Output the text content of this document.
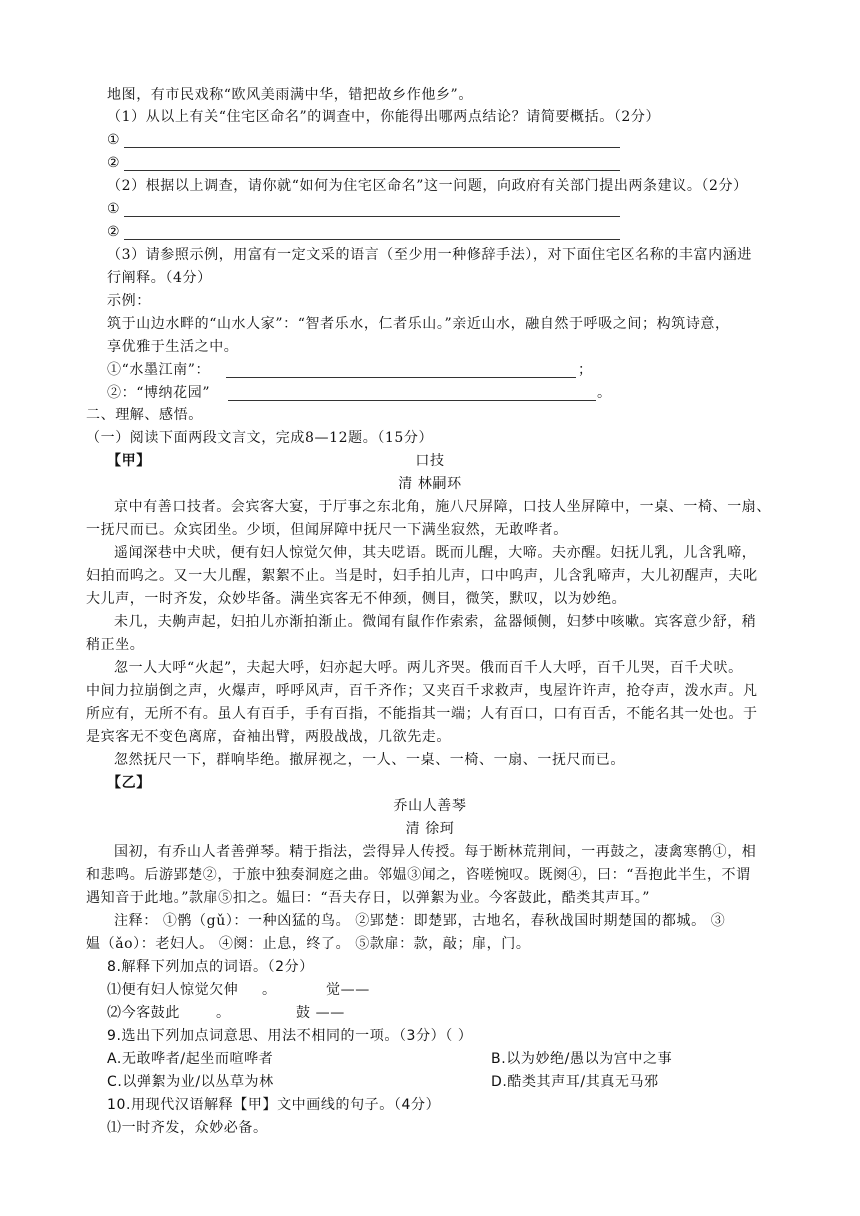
地图，有市民戏称“欧风美雨满中华，错把故乡作他乡”。
（1）从以上有关“住宅区命名”的调查中，你能得出哪两点结论？请简要概括。（2分）
①
②
（2）根据以上调查，请你就“如何为住宅区命名”这一问题，向政府有关部门提出两条建议。（2分）
①
②
（3）请参照示例，用富有一定文采的语言（至少用一种修辞手法），对下面住宅区名称的丰富内涵进
行阐释。（4分）
示例：
筑于山边水畔的“山水人家”：“智者乐水，仁者乐山。”亲近山水，融自然于呼吸之间；构筑诗意，
享优雅于生活之中。
①“水墨江南”：	；
②：“博纳花园”	。
二、理解、感悟。
（一）阅读下面两段文言文，完成8—12题。（15分）
【甲】	口技
清 林嗣环
京中有善口技者。会宾客大宴，于厅事之东北角，施八尺屏障，口技人坐屏障中，一桌、一椅、一扇、
一抚尺而已。众宾团坐。少顷，但闻屏障中抚尺一下满坐寂然，无敢哗者。
遥闻深巷中犬吠，便有妇人惊觉欠伸，其夫呓语。既而儿醒，大啼。夫亦醒。妇抚儿乳，儿含乳啼，
妇拍而呜之。又一大儿醒，絮絮不止。当是时，妇手拍儿声，口中呜声，儿含乳啼声，大儿初醒声，夫叱
大儿声，一时齐发，众妙毕备。满坐宾客无不伸颈，侧目，微笑，默叹，以为妙绝。
未几，夫齁声起，妇拍儿亦渐拍渐止。微闻有鼠作作索索，盆器倾侧，妇梦中咳嗽。宾客意少舒，稍
稍正坐。
忽一人大呼“火起”，夫起大呼，妇亦起大呼。两儿齐哭。俄而百千人大呼，百千儿哭，百千犬吠。
中间力拉崩倒之声，火爆声，呼呼风声，百千齐作；又夹百千求救声，曳屋许许声，抢夺声，泼水声。凡
所应有，无所不有。虽人有百手，手有百指，不能指其一端；人有百口，口有百舌，不能名其一处也。于
是宾客无不变色离席，奋袖出臂，两股战战，几欲先走。
忽然抚尺一下，群响毕绝。撤屏视之，一人、一桌、一椅、一扇、一抚尺而已。
【乙】
乔山人善琴
清 徐珂
国初，有乔山人者善弹琴。精于指法，尝得异人传授。每于断林荒荆间，一再鼓之，凄禽寒鹘①，相
和悲鸣。后游郢楚②，于旅中独奏洞庭之曲。邻媪③闻之，咨嗟惋叹。既阕④，曰：“吾抱此半生，不谓
遇知音于此地。”款扉⑤扣之。媪曰：“吾夫存日，以弹絮为业。今客鼓此，酷类其声耳。”
注释： ①鹘（gǔ）：一种凶猛的鸟。 ②郢楚：即楚郢，古地名，春秋战国时期楚国的都城。 ③
媪（ǎo）：老妇人。 ④阕：止息，终了。 ⑤款扉：款，敲；扉，门。
8.解释下列加点的词语。（2分）
⑴便有妇人惊觉欠伸 。	觉——
⑵今客鼓此	。	鼓 ——
9.选出下列加点词意思、用法不相同的一项。（3分）（ ）
A.无敢哗者/起坐而喧哗者	B.以为妙绝/愚以为宫中之事
C.以弹絮为业/以丛草为林	D.酷类其声耳/其真无马邪
10.用现代汉语解释【甲】文中画线的句子。（4分）
⑴一时齐发，众妙必备。
